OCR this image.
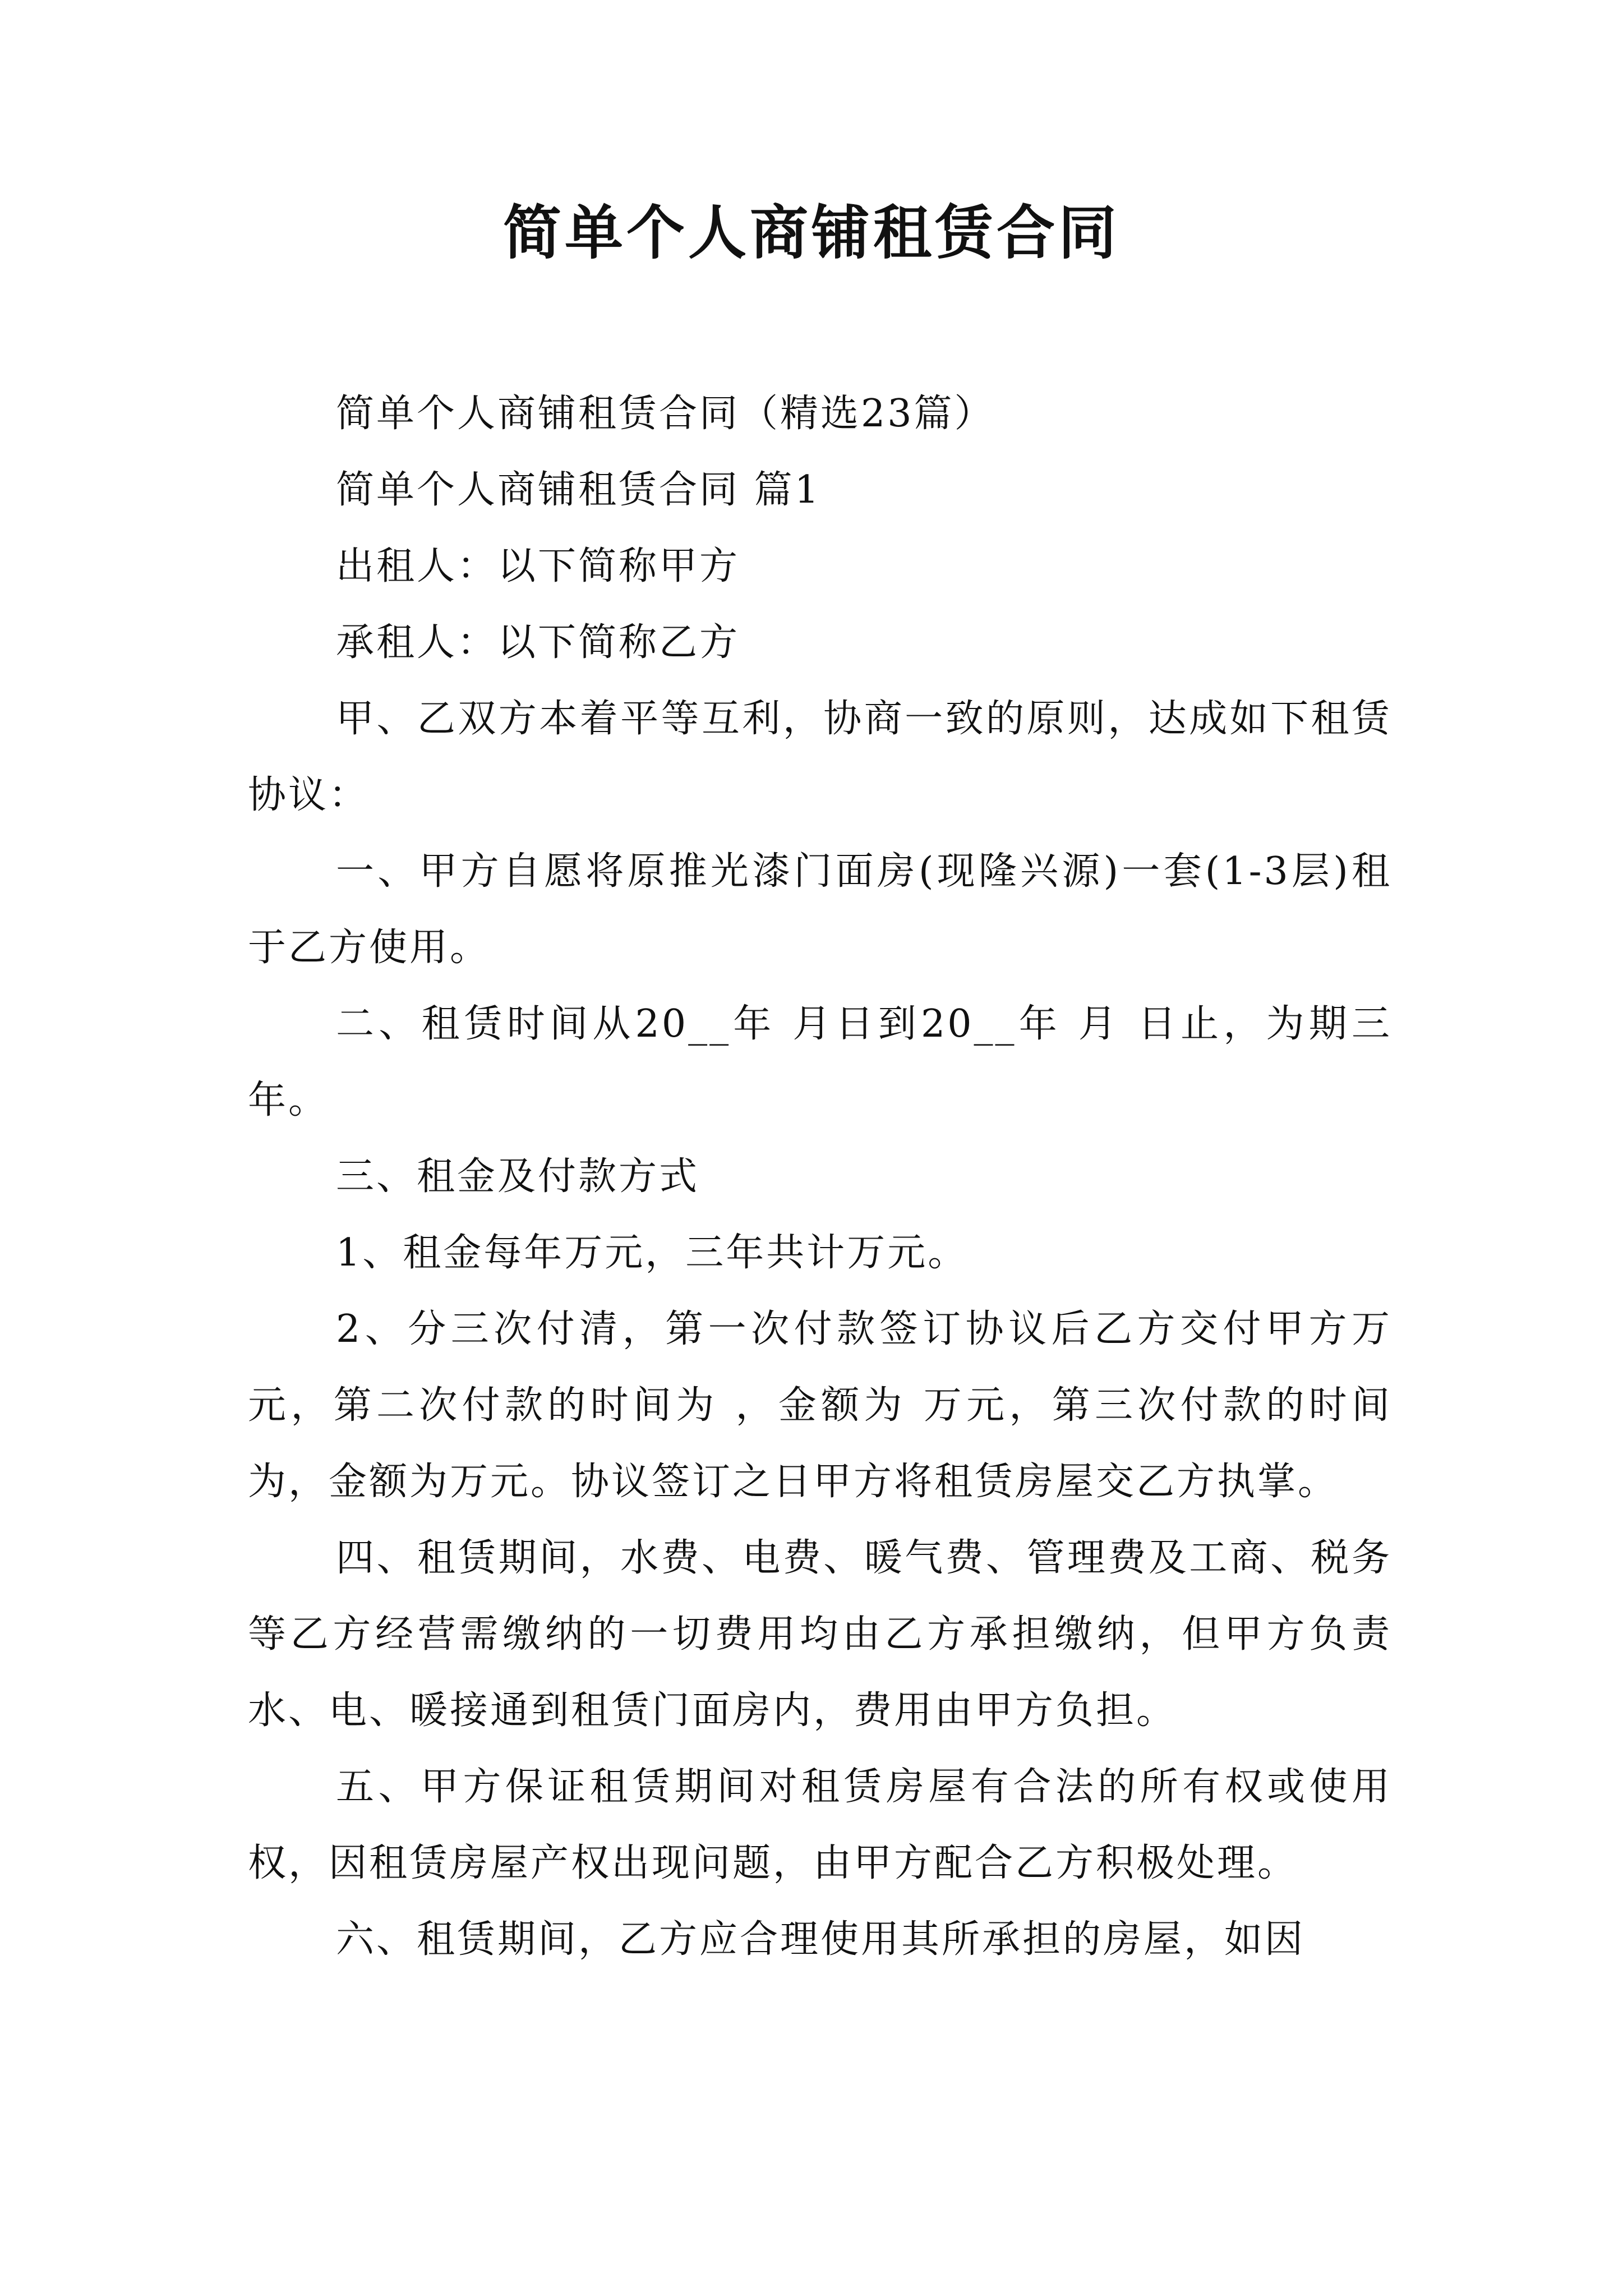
简单个人商铺租赁合同

简单个人商铺租赁合同（精选23篇）

简单个人商铺租赁合同 篇1

出租人：以下简称甲方

承租人：以下简称乙方

甲、乙双方本着平等互利，协商一致的原则，达成如下租赁协议：

一、甲方自愿将原推光漆门面房(现隆兴源)一套(1-3层)租于乙方使用。

二、租赁时间从20__年 月日到20__年 月 日止，为期三年。

三、租金及付款方式

1、租金每年万元，三年共计万元。

2、分三次付清，第一次付款签订协议后乙方交付甲方万元，第二次付款的时间为 ，金额为 万元，第三次付款的时间为，金额为万元。协议签订之日甲方将租赁房屋交乙方执掌。

四、租赁期间，水费、电费、暖气费、管理费及工商、税务等乙方经营需缴纳的一切费用均由乙方承担缴纳，但甲方负责水、电、暖接通到租赁门面房内，费用由甲方负担。

五、甲方保证租赁期间对租赁房屋有合法的所有权或使用权，因租赁房屋产权出现问题，由甲方配合乙方积极处理。

六、租赁期间，乙方应合理使用其所承担的房屋，如因
